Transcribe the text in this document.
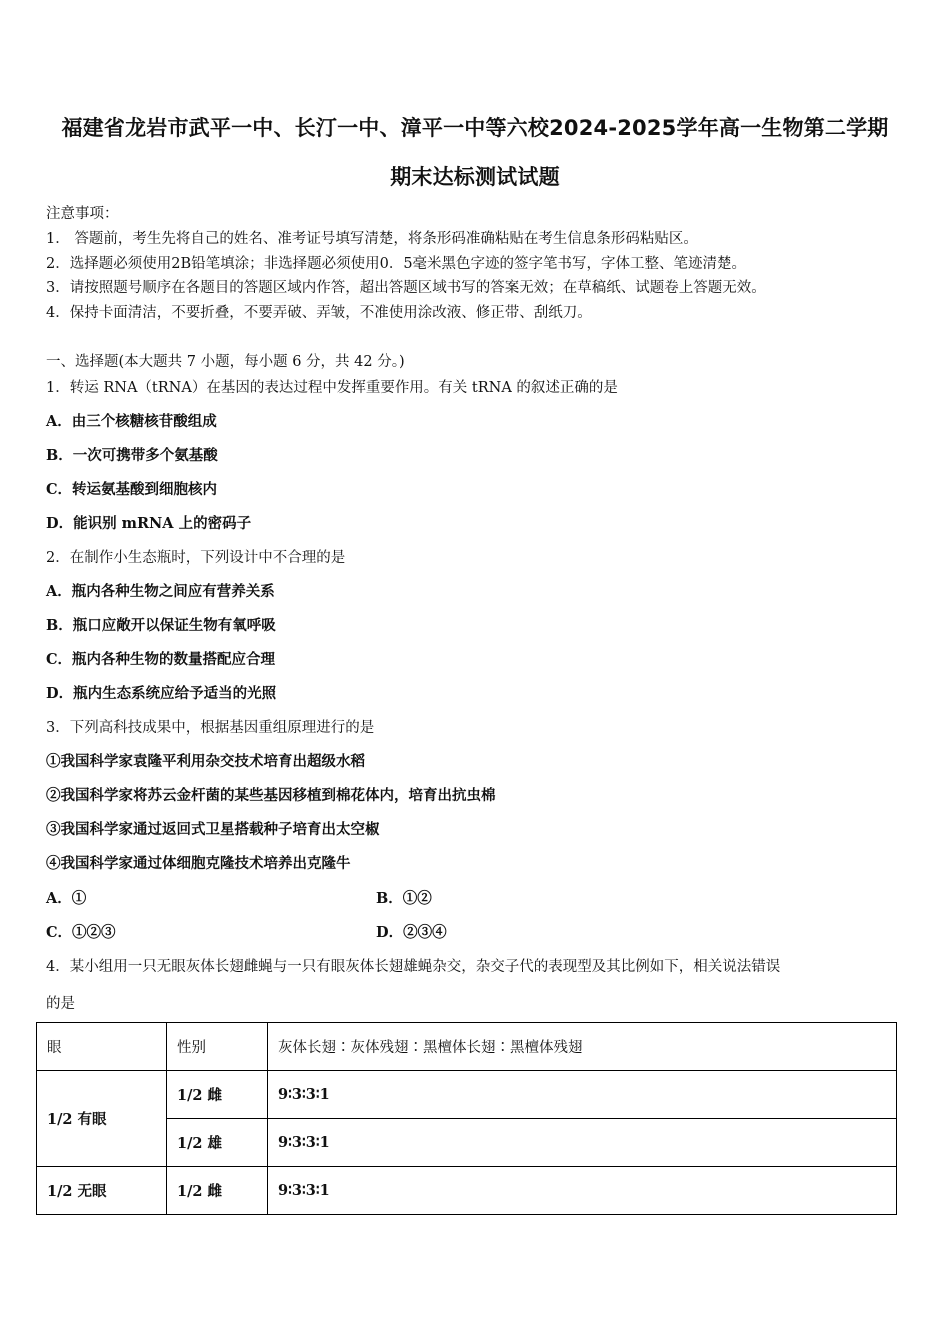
福建省龙岩市武平一中、长汀一中、漳平一中等六校2024-2025学年高一生物第二学期
期末达标测试试题
注意事项：
1． 答题前，考生先将自己的姓名、准考证号填写清楚，将条形码准确粘贴在考生信息条形码粘贴区。
2．选择题必须使用2B铅笔填涂；非选择题必须使用0．5毫米黑色字迹的签字笔书写，字体工整、笔迹清楚。
3．请按照题号顺序在各题目的答题区域内作答，超出答题区域书写的答案无效；在草稿纸、试题卷上答题无效。
4．保持卡面清洁，不要折叠，不要弄破、弄皱，不准使用涂改液、修正带、刮纸刀。
一、选择题(本大题共 7 小题，每小题 6 分，共 42 分。)
1．转运 RNA（tRNA）在基因的表达过程中发挥重要作用。有关 tRNA 的叙述正确的是
A．由三个核糖核苷酸组成
B．一次可携带多个氨基酸
C．转运氨基酸到细胞核内
D．能识别 mRNA 上的密码子
2．在制作小生态瓶时，下列设计中不合理的是
A．瓶内各种生物之间应有营养关系
B．瓶口应敞开以保证生物有氧呼吸
C．瓶内各种生物的数量搭配应合理
D．瓶内生态系统应给予适当的光照
3．下列高科技成果中，根据基因重组原理进行的是
①我国科学家袁隆平利用杂交技术培育出超级水稻
②我国科学家将苏云金杆菌的某些基因移植到棉花体内，培育出抗虫棉
③我国科学家通过返回式卫星搭载种子培育出太空椒
④我国科学家通过体细胞克隆技术培养出克隆牛
A．①	B．①②
C．①②③	D．②③④
4．某小组用一只无眼灰体长翅雌蝇与一只有眼灰体长翅雄蝇杂交，杂交子代的表现型及其比例如下，相关说法错误
的是
眼	性别	灰体长翅∶灰体残翅∶黑檀体长翅∶黑檀体残翅
1/2 有眼	1/2 雌	9∶3∶3∶1
	1/2 雄	9∶3∶3∶1
1/2 无眼	1/2 雌	9∶3∶3∶1
